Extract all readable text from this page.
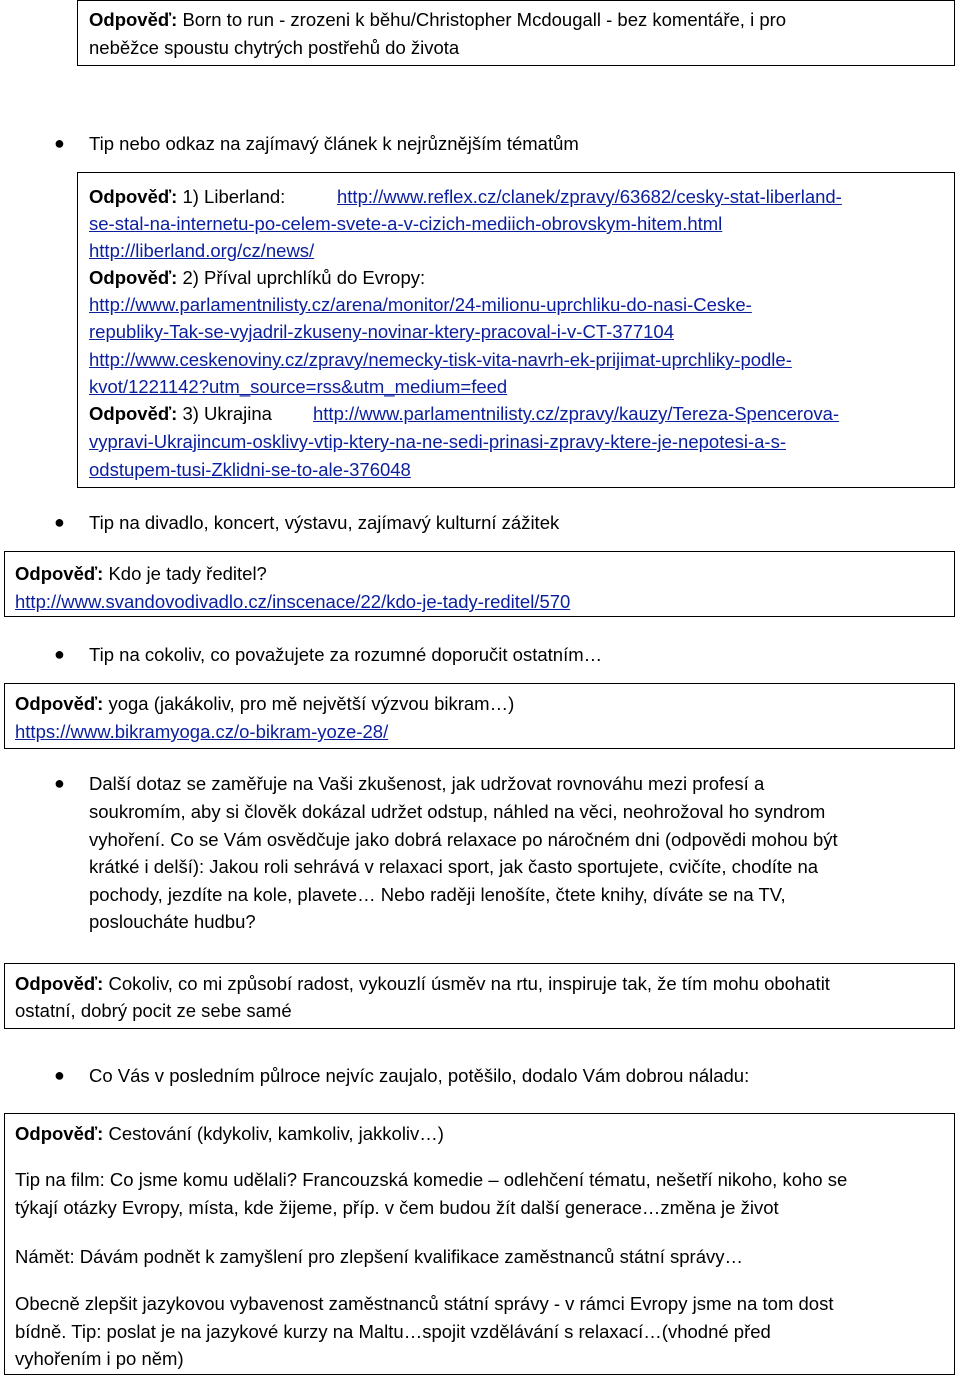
Odpověď: Born to run - zrozeni k běhu/Christopher Mcdougall - bez komentáře, i pro
neběžce spoustu chytrých postřehů do života
● Tip nebo odkaz na zajímavý článek k nejrůznějším tématům
Odpověď: 1) Liberland:	http://www.reflex.cz/clanek/zpravy/63682/cesky-stat-liberland-
se-stal-na-internetu-po-celem-svete-a-v-cizich-mediich-obrovskym-hitem.html
http://liberland.org/cz/news/
Odpověď: 2) Příval uprchlíků do Evropy:
http://www.parlamentnilisty.cz/arena/monitor/24-milionu-uprchliku-do-nasi-Ceske-
republiky-Tak-se-vyjadril-zkuseny-novinar-ktery-pracoval-i-v-CT-377104
http://www.ceskenoviny.cz/zpravy/nemecky-tisk-vita-navrh-ek-prijimat-uprchliky-podle-
kvot/1221142?utm_source=rss&utm_medium=feed
Odpověď: 3) Ukrajina http://www.parlamentnilisty.cz/zpravy/kauzy/Tereza-Spencerova-
vypravi-Ukrajincum-osklivy-vtip-ktery-na-ne-sedi-prinasi-zpravy-ktere-je-nepotesi-a-s-
odstupem-tusi-Zklidni-se-to-ale-376048
● Tip na divadlo, koncert, výstavu, zajímavý kulturní zážitek
Odpověď: Kdo je tady ředitel?
http://www.svandovodivadlo.cz/inscenace/22/kdo-je-tady-reditel/570
● Tip na cokoliv, co považujete za rozumné doporučit ostatním…
Odpověď: yoga (jakákoliv, pro mě největší výzvou bikram…)
https://www.bikramyoga.cz/o-bikram-yoze-28/
● Další dotaz se zaměřuje na Vaši zkušenost, jak udržovat rovnováhu mezi profesí a
soukromím, aby si člověk dokázal udržet odstup, náhled na věci, neohrožoval ho syndrom
vyhoření. Co se Vám osvědčuje jako dobrá relaxace po náročném dni (odpovědi mohou být
krátké i delší): Jakou roli sehrává v relaxaci sport, jak často sportujete, cvičíte, chodíte na
pochody, jezdíte na kole, plavete… Nebo raději lenošíte, čtete knihy, díváte se na TV,
posloucháte hudbu?
Odpověď: Cokoliv, co mi způsobí radost, vykouzlí úsměv na rtu, inspiruje tak, že tím mohu obohatit
ostatní, dobrý pocit ze sebe samé
● Co Vás v posledním půlroce nejvíc zaujalo, potěšilo, dodalo Vám dobrou náladu:
Odpověď: Cestování (kdykoliv, kamkoliv, jakkoliv…)
Tip na film: Co jsme komu udělali? Francouzská komedie – odlehčení tématu, nešetří nikoho, koho se
týkají otázky Evropy, místa, kde žijeme, příp. v čem budou žít další generace…změna je život
Námět: Dávám podnět k zamyšlení pro zlepšení kvalifikace zaměstnanců státní správy…
Obecně zlepšit jazykovou vybavenost zaměstnanců státní správy - v rámci Evropy jsme na tom dost
bídně. Tip: poslat je na jazykové kurzy na Maltu…spojit vzdělávání s relaxací…(vhodné před
vyhořením i po něm)
